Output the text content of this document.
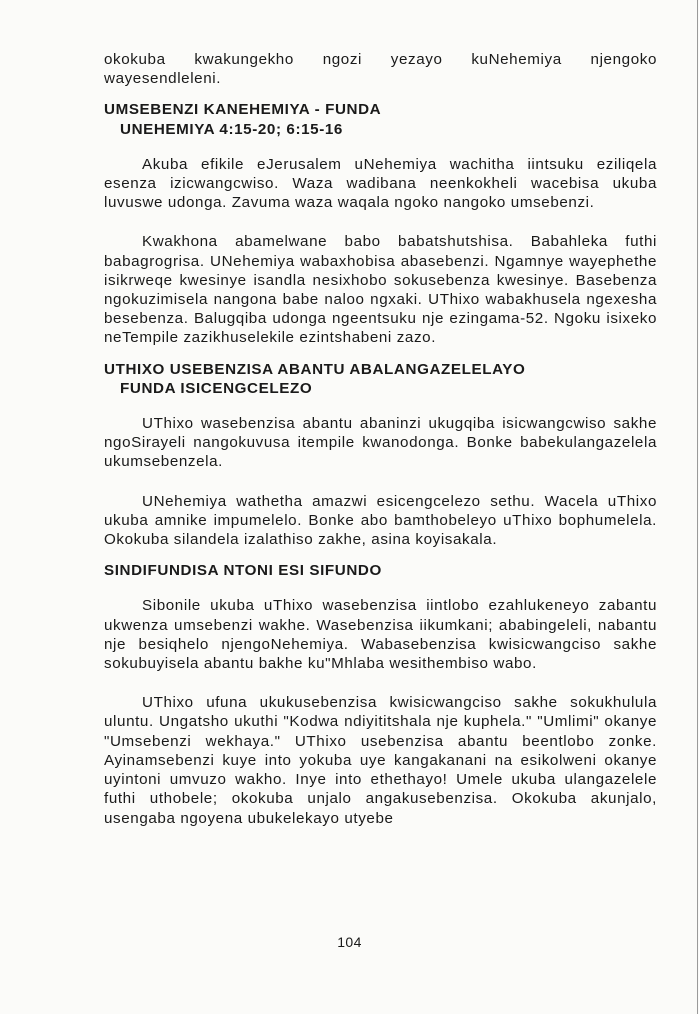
okokuba kwakungekho ngozi yezayo kuNehemiya njengoko wayesendleleni.

UMSEBENZI KANEHEMIYA - FUNDA
UNEHEMIYA 4:15-20; 6:15-16

Akuba efikile eJerusalem uNehemiya wachitha iintsuku eziliqela esenza izicwangcwiso. Waza wadibana neenkokheli wacebisa ukuba luvuswe udonga. Zavuma waza waqala ngoko nangoko umsebenzi.

Kwakhona abamelwane babo babatshutshisa. Babahleka futhi babagrogrisa. UNehemiya wabaxhobisa abasebenzi. Ngamnye wayephethe isikrweqe kwesinye isandla nesixhobo sokusebenza kwesinye. Basebenza ngokuzimisela nangona babe naloo ngxaki. UThixo wabakhusela ngexesha besebenza. Balugqiba udonga ngeentsuku nje ezingama-52. Ngoku isixeko neTempile zazikhuselekile ezintshabeni zazo.

UTHIXO USEBENZISA ABANTU ABALANGAZELELAYO
FUNDA ISICENGCELEZO

UThixo wasebenzisa abantu abaninzi ukugqiba isicwangcwiso sakhe ngoSirayeli nangokuvusa itempile kwanodonga. Bonke babekulangazelela ukumsebenzela.

UNehemiya wathetha amazwi esicengcelezo sethu. Wacela uThixo ukuba amnike impumelelo. Bonke abo bamthobeleyo uThixo bophumelela. Okokuba silandela izalathiso zakhe, asina koyisakala.

SINDIFUNDISA NTONI ESI SIFUNDO

Sibonile ukuba uThixo wasebenzisa iintlobo ezahlukeneyo zabantu ukwenza umsebenzi wakhe. Wasebenzisa iikumkani; ababingeleli, nabantu nje besiqhelo njengoNehemiya. Wabasebenzisa kwisicwangciso sakhe sokubuyisela abantu bakhe ku"Mhlaba wesithembiso wabo.

UThixo ufuna ukukusebenzisa kwisicwangciso sakhe sokukhulula uluntu. Ungatsho ukuthi "Kodwa ndiyititshala nje kuphela." "Umlimi" okanye "Umsebenzi wekhaya." UThixo usebenzisa abantu beentlobo zonke. Ayinamsebenzi kuye into yokuba uye kangakanani na esikolweni okanye uyintoni umvuzo wakho. Inye into ethethayo! Umele ukuba ulangazelele futhi uthobele; okokuba unjalo angakusebenzisa. Okokuba akunjalo, usengaba ngoyena ubukelekayo utyebe

104
